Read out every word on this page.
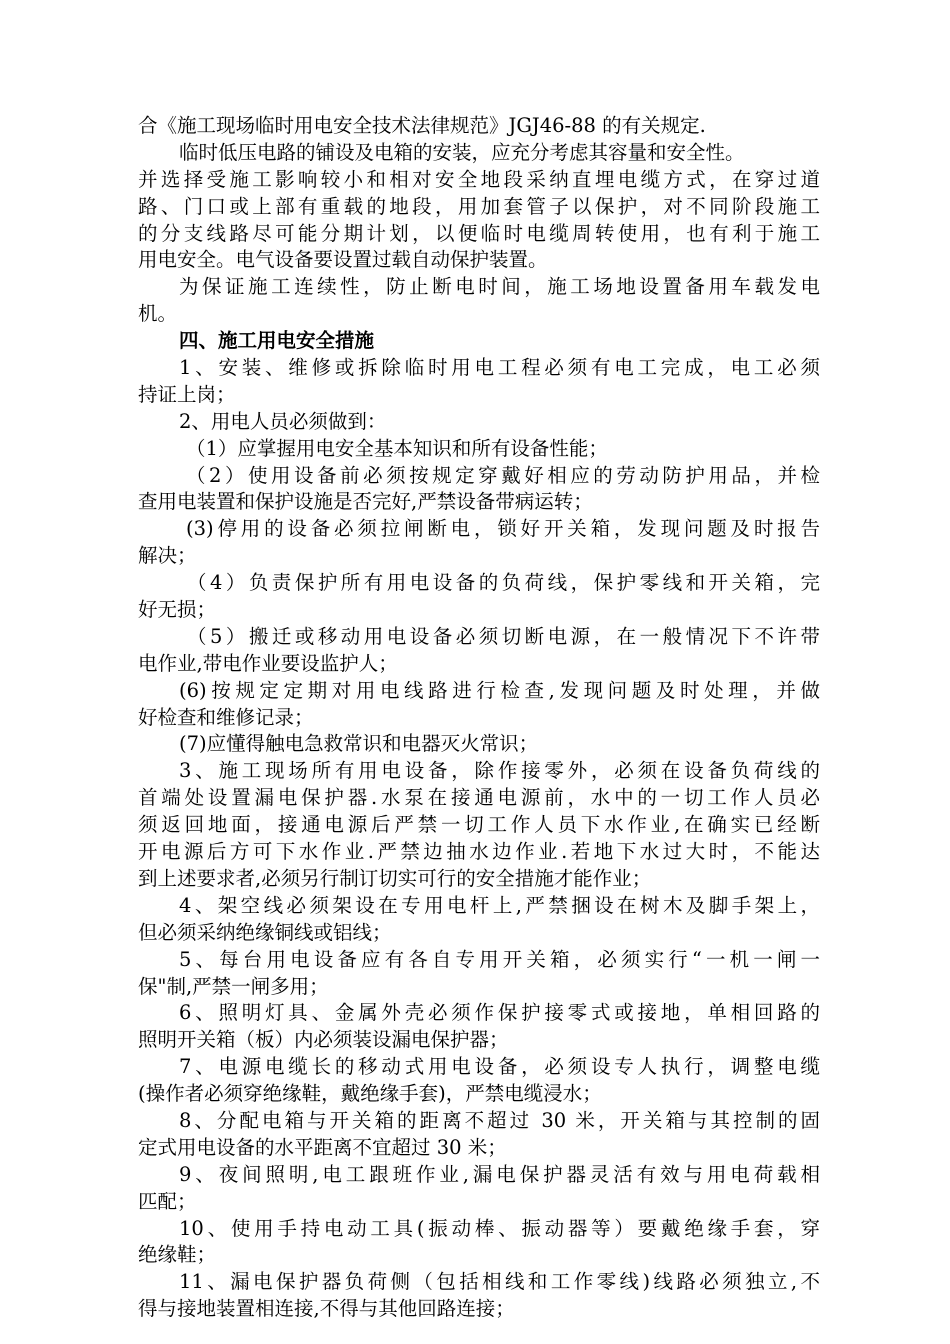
合《施工现场临时用电安全技术法律规范》JGJ46-88 的有关规定.
临时低压电路的铺设及电箱的安装，应充分考虑其容量和安全性。
并选择受施工影响较小和相对安全地段采纳直埋电缆方式，在穿过道
路、门口或上部有重载的地段，用加套管子以保护，对不同阶段施工
的分支线路尽可能分期计划，以便临时电缆周转使用，也有利于施工
用电安全。电气设备要设置过载自动保护装置。
为保证施工连续性，防止断电时间，施工场地设置备用车载发电
机。
四、施工用电安全措施
1、安装、维修或拆除临时用电工程必须有电工完成，电工必须
持证上岗；
2、用电人员必须做到：
（1）应掌握用电安全基本知识和所有设备性能；
（2）使用设备前必须按规定穿戴好相应的劳动防护用品，并检
查用电装置和保护设施是否完好,严禁设备带病运转；
(3)停用的设备必须拉闸断电，锁好开关箱，发现问题及时报告
解决；
（4）负责保护所有用电设备的负荷线，保护零线和开关箱，完
好无损；
（5）搬迁或移动用电设备必须切断电源，在一般情况下不许带
电作业,带电作业要设监护人；
(6)按规定定期对用电线路进行检查,发现问题及时处理，并做
好检查和维修记录；
(7)应懂得触电急救常识和电器灭火常识；
3、施工现场所有用电设备，除作接零外，必须在设备负荷线的
首端处设置漏电保护器.水泵在接通电源前，水中的一切工作人员必
须返回地面，接通电源后严禁一切工作人员下水作业,在确实已经断
开电源后方可下水作业.严禁边抽水边作业.若地下水过大时，不能达
到上述要求者,必须另行制订切实可行的安全措施才能作业；
4、架空线必须架设在专用电杆上,严禁捆设在树木及脚手架上，
但必须采纳绝缘铜线或铝线；
5、每台用电设备应有各自专用开关箱，必须实行“一机一闸一
保"制,严禁一闸多用；
6、照明灯具、金属外壳必须作保护接零式或接地，单相回路的
照明开关箱（板）内必须装设漏电保护器；
7、电源电缆长的移动式用电设备，必须设专人执行，调整电缆
(操作者必须穿绝缘鞋，戴绝缘手套)，严禁电缆浸水；
8、分配电箱与开关箱的距离不超过 30 米，开关箱与其控制的固
定式用电设备的水平距离不宜超过 30 米；
9、夜间照明,电工跟班作业,漏电保护器灵活有效与用电荷载相
匹配；
10、使用手持电动工具(振动棒、振动器等）要戴绝缘手套，穿
绝缘鞋；
11、漏电保护器负荷侧（包括相线和工作零线)线路必须独立,不
得与接地装置相连接,不得与其他回路连接；
